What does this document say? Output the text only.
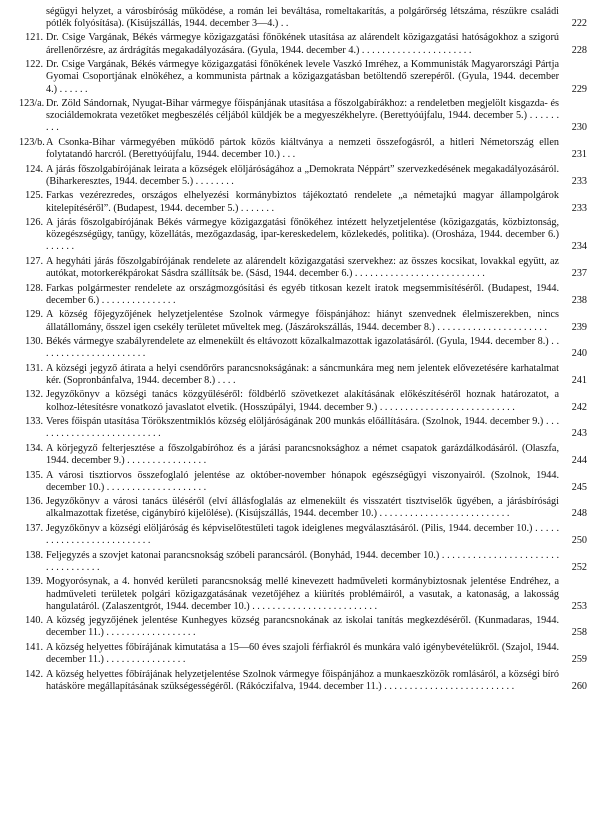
ségügyi helyzet, a városbíróság működése, a román lei beváltása, romeltakarítás, a polgárőrség létszáma, részükre családi pótlék folyósítása). (Kisújszállás, 1944. december 3—4.) . .	222
121. Dr. Csige Vargának, Békés vármegye közigazgatási főnökének utasítása az alárendelt közigazgatási hatóságokhoz a szigorú árellenőrzésre, az árdrágítás megakadályozására. (Gyula, 1944. december 4.) . . . . . . . . . . . . . . . . . . . . . .	228
122. Dr. Csige Vargának, Békés vármegye közigazgatási főnökének levele Vaszkó Imréhez, a Kommunisták Magyarországi Pártja Gyomai Csoportjának elnökéhez, a kommunista pártnak a közigazgatásban betöltendő szerepéről. (Gyula, 1944. december 4.) . . . . . .	229
123/a. Dr. Zöld Sándornak, Nyugat-Bihar vármegye főispánjának utasítása a főszolgabírákhoz: a rendeletben megjelölt kisgazda- és szociáldemokrata vezetőket megbeszélés céljából küldjék be a megyeszékhelyre. (Berettyóújfalu, 1944. december 5.) . . . . . . . . .	230
123/b. A Csonka-Bihar vármegyében működő pártok közös kiáltványa a nemzeti összefogásról, a hitleri Németország ellen folytatandó harcról. (Berettyóújfalu, 1944. december 10.) . . .	231
124. A járás főszolgabírójának leirata a községek elöljáróságához a „Demokrata Néppárt” szervezkedésének megakadályozásáról. (Biharkeresztes, 1944. december 5.) . . . . . . . .	233
125. Farkas vezérezredes, országos elhelyezési kormánybiztos tájékoztató rendelete „a németajkú magyar állampolgárok kitelepítéséről”. (Budapest, 1944. december 5.) . . . . . . .	233
126. A járás főszolgabírójának Békés vármegye közigazgatási főnökéhez intézett helyzetjelentése (közigazgatás, közbiztonság, közegészségügy, tanügy, közellátás, mezőgazdaság, ipar-kereskedelem, közlekedés, politika). (Orosháza, 1944. december 6.) . . . . . .	234
127. A hegyháti járás főszolgabírójának rendelete az alárendelt közigazgatási szervekhez: az összes kocsikat, lovakkal együtt, az autókat, motorkerékpárokat Sásdra szállítsák be. (Sásd, 1944. december 6.) . . . . . . . . . . . . . . . . . . . . . . . . . .	237
128. Farkas polgármester rendelete az országmozgósítási és egyéb titkosan kezelt iratok megsemmisítéséről. (Budapest, 1944. december 6.) . . . . . . . . . . . . . . .	238
129. A község főjegyzőjének helyzetjelentése Szolnok vármegye főispánjához: hiányt szenvednek élelmiszerekben, nincs állatállomány, ősszel igen csekély területet műveltek meg. (Jászárokszállás, 1944. december 8.) . . . . . . . . . . . . . . . . . . . . . .	239
130. Békés vármegye szabályrendelete az elmenekült és eltávozott közalkalmazottak igazolatásáról. (Gyula, 1944. december 8.) . . . . . . . . . . . . . . . . . . . . . .	240
131. A községi jegyző átirata a helyi csendőrőrs parancsnokságának: a sáncmunkára meg nem jelentek elővezetésére karhatalmat kér. (Sopronbánfalva, 1944. december 8.) . . . .	241
132. Jegyzőkönyv a községi tanács közgyűléséről: földbérlő szövetkezet alakításának előkészítéséről hoznak határozatot, a kolhoz-létesítésre vonatkozó javaslatot elvetik. (Hosszúpályi, 1944. december 9.) . . . . . . . . . . . . . . . . . . . . . . . . . . .	242
133. Veres főispán utasítása Törökszentmiklós község elöljáróságának 200 munkás előállítására. (Szolnok, 1944. december 9.) . . . . . . . . . . . . . . . . . . . . . . . . . .	243
134. A körjegyző felterjesztése a főszolgabíróhoz és a járási parancsnoksághoz a német csapatok garázdálkodásáról. (Olaszfa, 1944. december 9.) . . . . . . . . . . . . . . . .	244
135. A városi tisztiorvos összefoglaló jelentése az október-november hónapok egészségügyi viszonyairól. (Szolnok, 1944. december 10.) . . . . . . . . . . . . . . . . . . . .	245
136. Jegyzőkönyv a városi tanács üléséről (elví állásfoglalás az elmenekült és visszatért tisztviselők ügyében, a járásbírósági alkalmazottak fizetése, cigánybíró kijelölése). (Kisújszállás, 1944. december 10.) . . . . . . . . . . . . . . . . . . . . . . . . . .	248
137. Jegyzőkönyv a községi elöljáróság és képviselőtestületi tagok ideiglenes megválasztásáról. (Pilis, 1944. december 10.) . . . . . . . . . . . . . . . . . . . . . . . . . .	250
138. Feljegyzés a szovjet katonai parancsnokság szóbeli parancsáról. (Bonyhád, 1944. december 10.) . . . . . . . . . . . . . . . . . . . . . . . . . . . . . . . . . .	252
139. Mogyorósynak, a 4. honvéd kerületi parancsnokság mellé kinevezett hadműveleti kormánybiztosnak jelentése Endréhez, a hadműveleti területek polgári közigazgatásának vezetőjéhez a kiürítés problémáiról, a vasutak, a katonaság, a lakosság hangulatáról. (Zalaszentgrót, 1944. december 10.) . . . . . . . . . . . . . . . . . . . . . . . . .	253
140. A község jegyzőjének jelentése Kunhegyes község parancsnokának az iskolai tanítás megkezdéséről. (Kunmadaras, 1944. december 11.) . . . . . . . . . . . . . . . . . .	258
141. A község helyettes főbírájának kimutatása a 15—60 éves szajoli férfiakról és munkára való igénybevételükről. (Szajol, 1944. december 11.) . . . . . . . . . . . . . . . .	259
142. A község helyettes főbírájának helyzetjelentése Szolnok vármegye főispánjához a munkaeszközök romlásáról, a községi bíró hatásköre megállapításának szükségességéről. (Rákóczifalva, 1944. december 11.) . . . . . . . . . . . . . . . . . . . . . . . . . .	260
